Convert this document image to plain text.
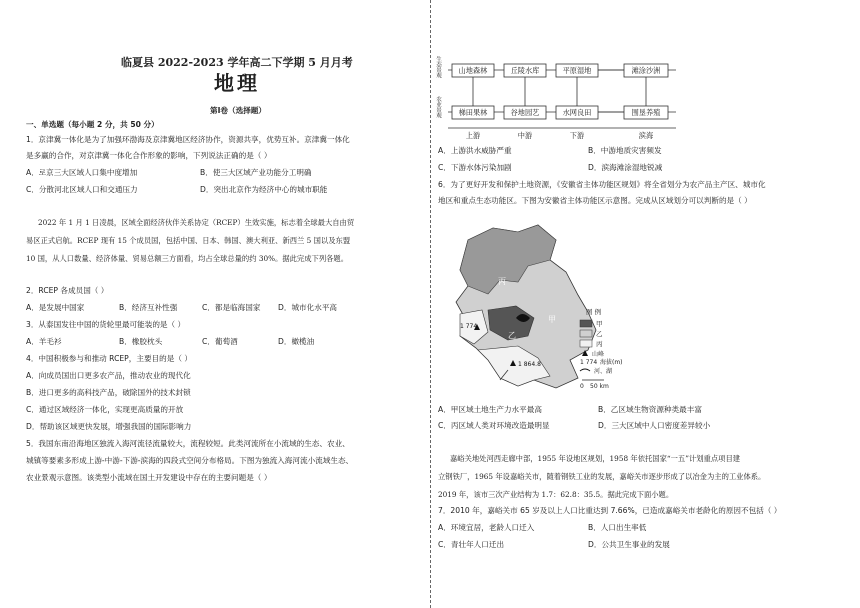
临夏县 2022-2023 学年高二下学期 5 月月考
地理
第Ⅰ卷（选择题）
一、单选题（每小题 2 分，共 50 分）
1．京津冀一体化是为了加强环渤海及京津冀地区经济协作，资源共享，优势互补。京津冀一体化
是多赢的合作，对京津冀一体化合作形象的影响，下列说法正确的是（ ）
A．로京三大区域人口集中度增加	B．使三大区域产业功能分工明确
C．分散河北区域人口和交通压力	D．突出北京作为经济中心的城市职能
2022 年 1 月 1 日凌晨，区域全面经济伙伴关系协定（RCEP）生效实施，标志着全球最大自由贸
易区正式启航。RCEP 现有 15 个成员国，包括中国、日本、韩国、澳大利亚、新西兰 5 国以及东盟
10 国，从人口数量、经济体量、贸易总额三方面看，均占全球总量的约 30%。据此完成下列各题。
2．RCEP 各成员国（ ）
A．是发展中国家	B．经济互补性强	C．都是临海国家 D．城市化水平高
3．从泰国发往中国的货轮里最可能装的是（ ）
A．羊毛衫	B．橡胶枕头	C．葡萄酒	D．橄榄油
4．中国积极参与和推动 RCEP，主要目的是（ ）
A．向成员国出口更多农产品，推动农业的现代化
B．进口更多的高科技产品，破除国外的技术封锁
C．通过区域经济一体化，实现更高质量的开放
D．帮助该区域更快发展，增强我国的国际影响力
5．我国东南沿海地区独流入海河流径流量较大，流程较短。此类河流所在小流域的生态、农业、
城镇等要素多形成上游-中游-下游-滨海的四段式空间分布格局。下图为独流入海河流小流域生态、
农业景观示意图。该类型小流域在国土开发建设中存在的主要问题是（ ）
生态景观
农业景观
山地森林	丘陵水库	平原湿地	滩涂沙洲
梯田果林	谷地园艺	水网良田	围垦养殖
上游	中游	下游	滨海
A．上游洪水威胁严重	B．中游地质灾害频发
C．下游水体污染加剧	D．滨海滩涂湿地锐减
6．为了更好开发和保护土地资源，《安徽省主体功能区规划》将全省划分为农产品主产区、城市化
地区和重点生态功能区。下图为安徽省主体功能区示意图。完成从区域划分可以判断的是（ ）
1 774
1 864.8
甲
乙
丙
图 例
甲
乙
丙
山峰
1 774 海拔(m)
河、湖
0 50 km
A．甲区域土地生产力水平最高	B．乙区域生物资源种类最丰富
C．丙区域人类对环境改造最明显	D．三大区域中人口密度差异较小
嘉峪关地处河西走廊中部，1955 年设地区规划，1958 年依托国家“一五”计划重点项目建
立钢铁厂，1965 年设嘉峪关市，随着钢铁工业的发展，嘉峪关市逐步形成了以冶金为主的工业体系。
2019 年，该市三次产业结构为 1.7：62.8：35.5。据此完成下面小题。
7．2010 年，嘉峪关市 65 岁及以上人口比重达到 7.66%，已造成嘉峪关市老龄化的原因不包括（ ）
A．环境宜居，老龄人口迁入	B．人口出生率低
C．青壮年人口迁出	D．公共卫生事业的发展
